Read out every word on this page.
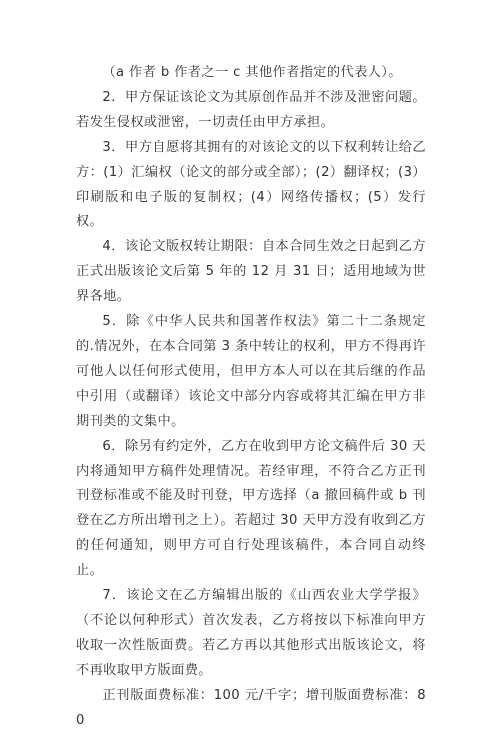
（a 作者 b 作者之一 c 其他作者指定的代表人）。

2．甲方保证该论文为其原创作品并不涉及泄密问题。若发生侵权或泄密，一切责任由甲方承担。

3．甲方自愿将其拥有的对该论文的以下权利转让给乙方：(1）汇编权（论文的部分或全部）；(2）翻译权；(3）印刷版和电子版的复制权；(4）网络传播权；(5）发行权。

4．该论文版权转让期限：自本合同生效之日起到乙方正式出版该论文后第 5 年的 12 月 31 日；适用地域为世界各地。

5．除《中华人民共和国著作权法》第二十二条规定的.情况外，在本合同第 3 条中转让的权利，甲方不得再许可他人以任何形式使用，但甲方本人可以在其后继的作品中引用（或翻译）该论文中部分内容或将其汇编在甲方非期刊类的文集中。

6．除另有约定外，乙方在收到甲方论文稿件后 30 天内将通知甲方稿件处理情况。若经审理，不符合乙方正刊刊登标准或不能及时刊登，甲方选择（a 撤回稿件或 b 刊登在乙方所出增刊之上）。若超过 30 天甲方没有收到乙方的任何通知，则甲方可自行处理该稿件，本合同自动终止。

7．该论文在乙方编辑出版的《山西农业大学学报》（不论以何种形式）首次发表，乙方将按以下标准向甲方收取一次性版面费。若乙方再以其他形式出版该论文，将不再收取甲方版面费。

正刊版面费标准：100 元/千字；增刊版面费标准：80
